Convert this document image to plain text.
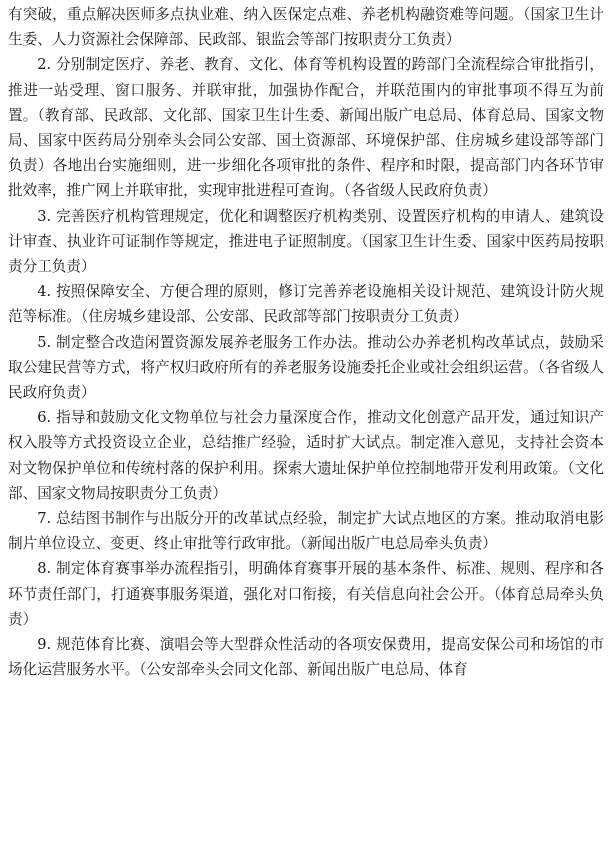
有突破，重点解决医师多点执业难、纳入医保定点难、养老机构融资难等问题。（国家卫生计生委、人力资源社会保障部、民政部、银监会等部门按职责分工负责）

2. 分别制定医疗、养老、教育、文化、体育等机构设置的跨部门全流程综合审批指引，推进一站受理、窗口服务、并联审批，加强协作配合，并联范围内的审批事项不得互为前置。（教育部、民政部、文化部、国家卫生计生委、新闻出版广电总局、体育总局、国家文物局、国家中医药局分别牵头会同公安部、国土资源部、环境保护部、住房城乡建设部等部门负责）各地出台实施细则，进一步细化各项审批的条件、程序和时限，提高部门内各环节审批效率，推广网上并联审批，实现审批进程可查询。（各省级人民政府负责）

3. 完善医疗机构管理规定，优化和调整医疗机构类别、设置医疗机构的申请人、建筑设计审查、执业许可证制作等规定，推进电子证照制度。（国家卫生计生委、国家中医药局按职责分工负责）

4. 按照保障安全、方便合理的原则，修订完善养老设施相关设计规范、建筑设计防火规范等标准。（住房城乡建设部、公安部、民政部等部门按职责分工负责）

5. 制定整合改造闲置资源发展养老服务工作办法。推动公办养老机构改革试点，鼓励采取公建民营等方式，将产权归政府所有的养老服务设施委托企业或社会组织运营。（各省级人民政府负责）

6. 指导和鼓励文化文物单位与社会力量深度合作，推动文化创意产品开发，通过知识产权入股等方式投资设立企业，总结推广经验，适时扩大试点。制定准入意见，支持社会资本对文物保护单位和传统村落的保护利用。探索大遗址保护单位控制地带开发利用政策。（文化部、国家文物局按职责分工负责）

7. 总结图书制作与出版分开的改革试点经验，制定扩大试点地区的方案。推动取消电影制片单位设立、变更、终止审批等行政审批。（新闻出版广电总局牵头负责）

8. 制定体育赛事举办流程指引，明确体育赛事开展的基本条件、标准、规则、程序和各环节责任部门，打通赛事服务渠道，强化对口衔接，有关信息向社会公开。（体育总局牵头负责）

9. 规范体育比赛、演唱会等大型群众性活动的各项安保费用，提高安保公司和场馆的市场化运营服务水平。（公安部牵头会同文化部、新闻出版广电总局、体育
